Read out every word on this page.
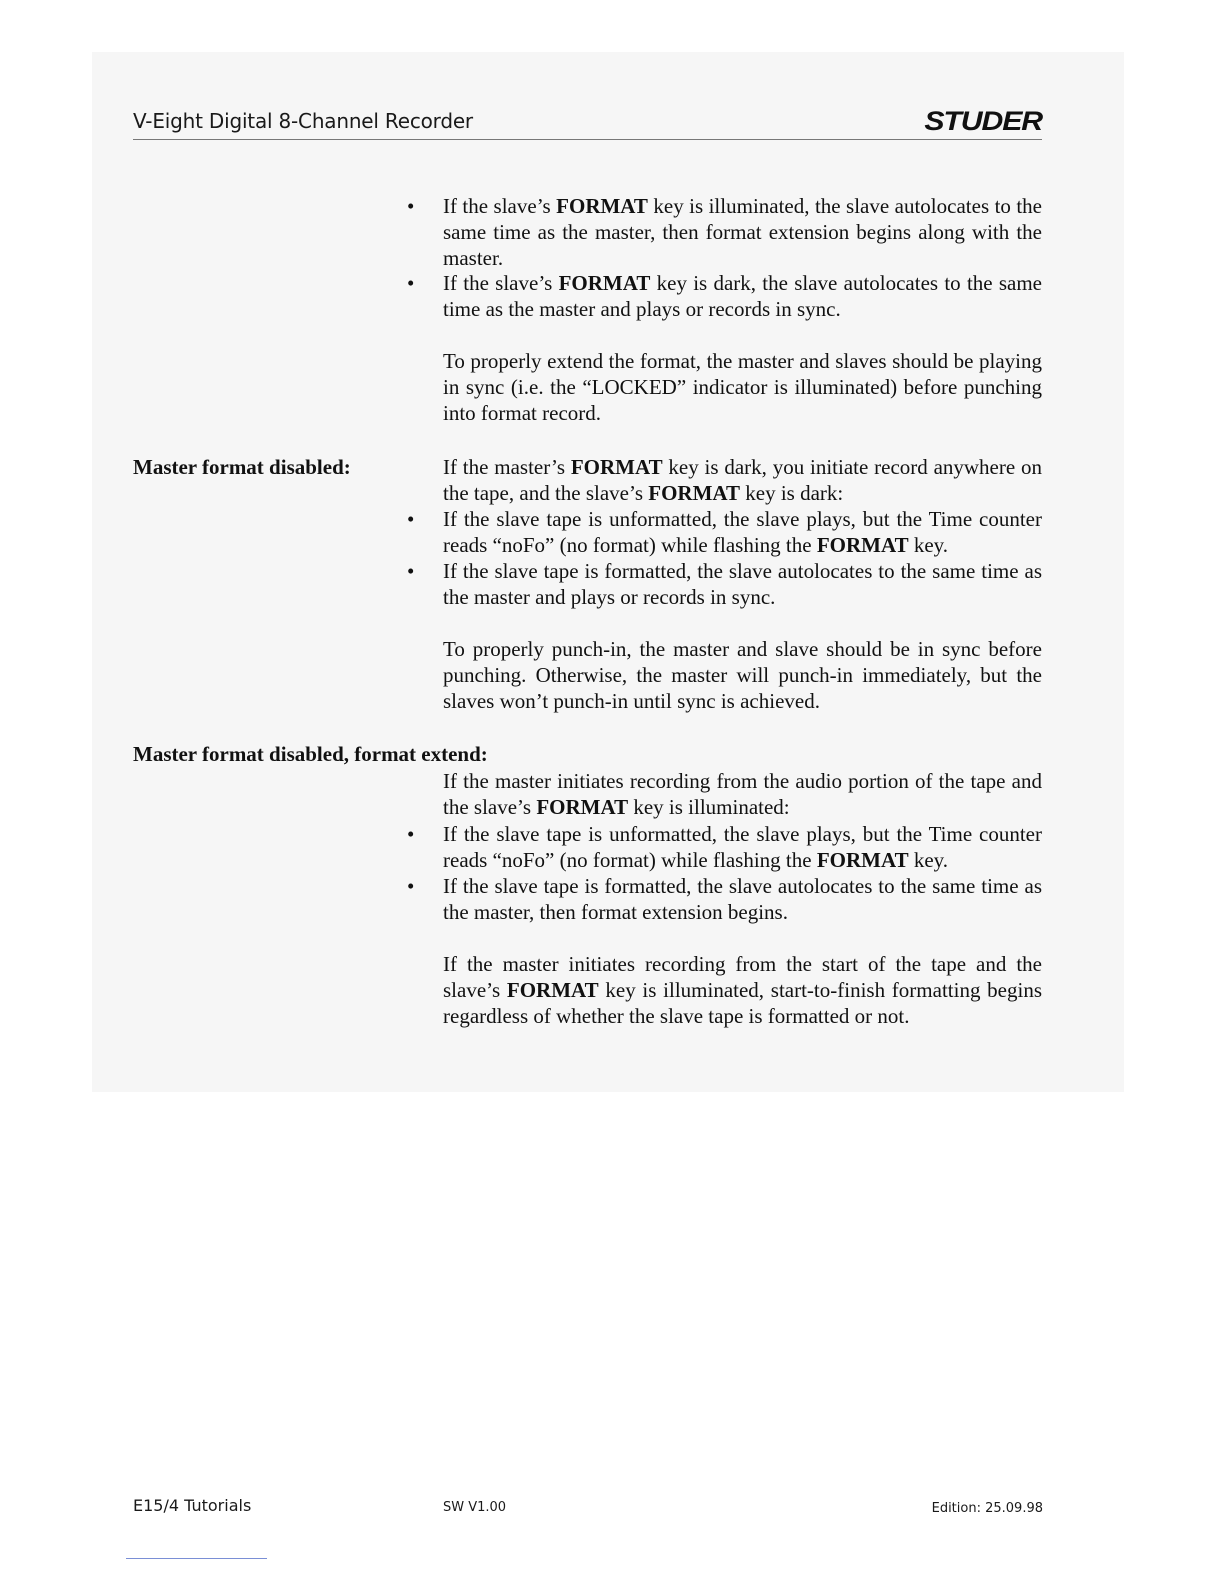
V-Eight Digital 8-Channel Recorder	STUDER
• If the slave’s FORMAT key is illuminated, the slave autolocates to the same time as the master, then format extension begins along with the master.
• If the slave’s FORMAT key is dark, the slave autolocates to the same time as the master and plays or records in sync.
To properly extend the format, the master and slaves should be playing in sync (i.e. the “LOCKED” indicator is illuminated) before punching into format record.
Master format disabled:	If the master’s FORMAT key is dark, you initiate record anywhere on the tape, and the slave’s FORMAT key is dark:
• If the slave tape is unformatted, the slave plays, but the Time counter reads “noFo” (no format) while flashing the FORMAT key.
• If the slave tape is formatted, the slave autolocates to the same time as the master and plays or records in sync.
To properly punch-in, the master and slave should be in sync before punching. Otherwise, the master will punch-in immediately, but the slaves won’t punch-in until sync is achieved.
Master format disabled, format extend:
If the master initiates recording from the audio portion of the tape and the slave’s FORMAT key is illuminated:
• If the slave tape is unformatted, the slave plays, but the Time counter reads “noFo” (no format) while flashing the FORMAT key.
• If the slave tape is formatted, the slave autolocates to the same time as the master, then format extension begins.
If the master initiates recording from the start of the tape and the slave’s FORMAT key is illuminated, start-to-finish formatting begins regardless of whether the slave tape is formatted or not.
E15/4 Tutorials	SW V1.00	Edition: 25.09.98
